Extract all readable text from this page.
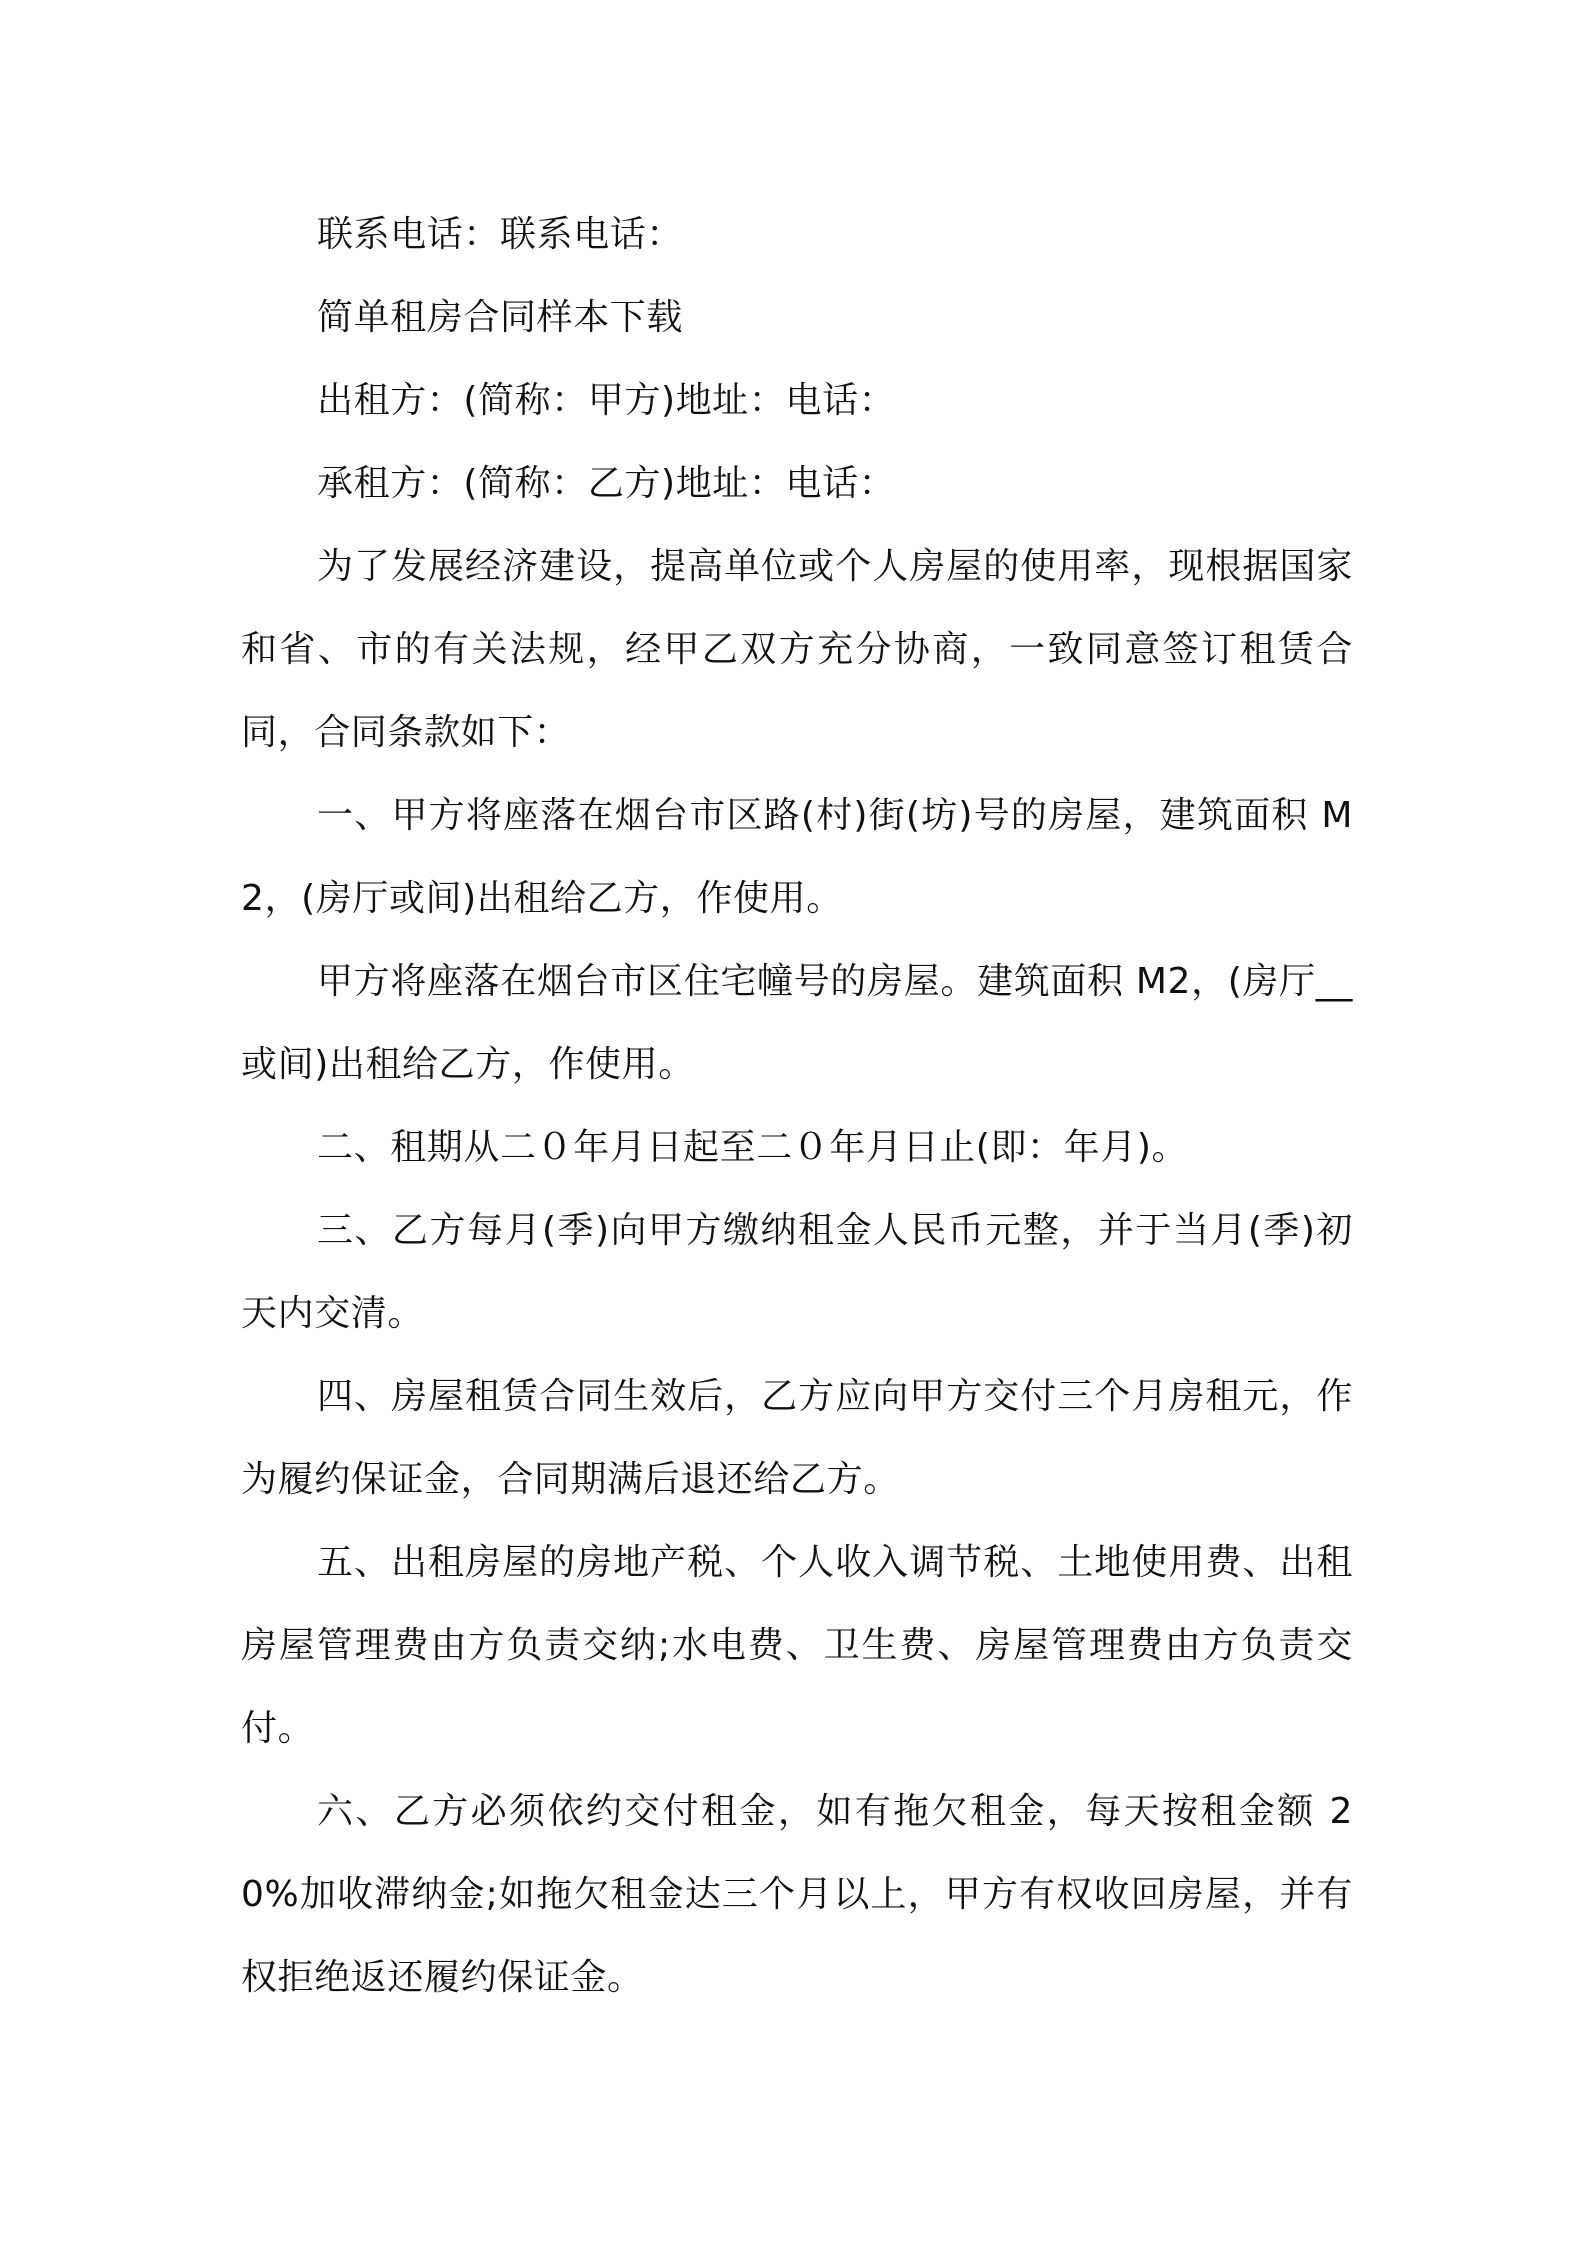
联系电话：联系电话：

简单租房合同样本下载

出租方：(简称：甲方)地址：电话：

承租方：(简称：乙方)地址：电话：

为了发展经济建设，提高单位或个人房屋的使用率，现根据国家和省、市的有关法规，经甲乙双方充分协商，一致同意签订租赁合同，合同条款如下：

一、甲方将座落在烟台市区路(村)街(坊)号的房屋，建筑面积 M2，(房厅或间)出租给乙方，作使用。

甲方将座落在烟台市区住宅幢号的房屋。建筑面积 M2，(房厅__或间)出租给乙方，作使用。

二、租期从二０年月日起至二０年月日止(即：年月)。

三、乙方每月(季)向甲方缴纳租金人民币元整，并于当月(季)初天内交清。

四、房屋租赁合同生效后，乙方应向甲方交付三个月房租元，作为履约保证金，合同期满后退还给乙方。

五、出租房屋的房地产税、个人收入调节税、土地使用费、出租房屋管理费由方负责交纳;水电费、卫生费、房屋管理费由方负责交付。

六、乙方必须依约交付租金，如有拖欠租金，每天按租金额 20%加收滞纳金;如拖欠租金达三个月以上，甲方有权收回房屋，并有权拒绝返还履约保证金。
